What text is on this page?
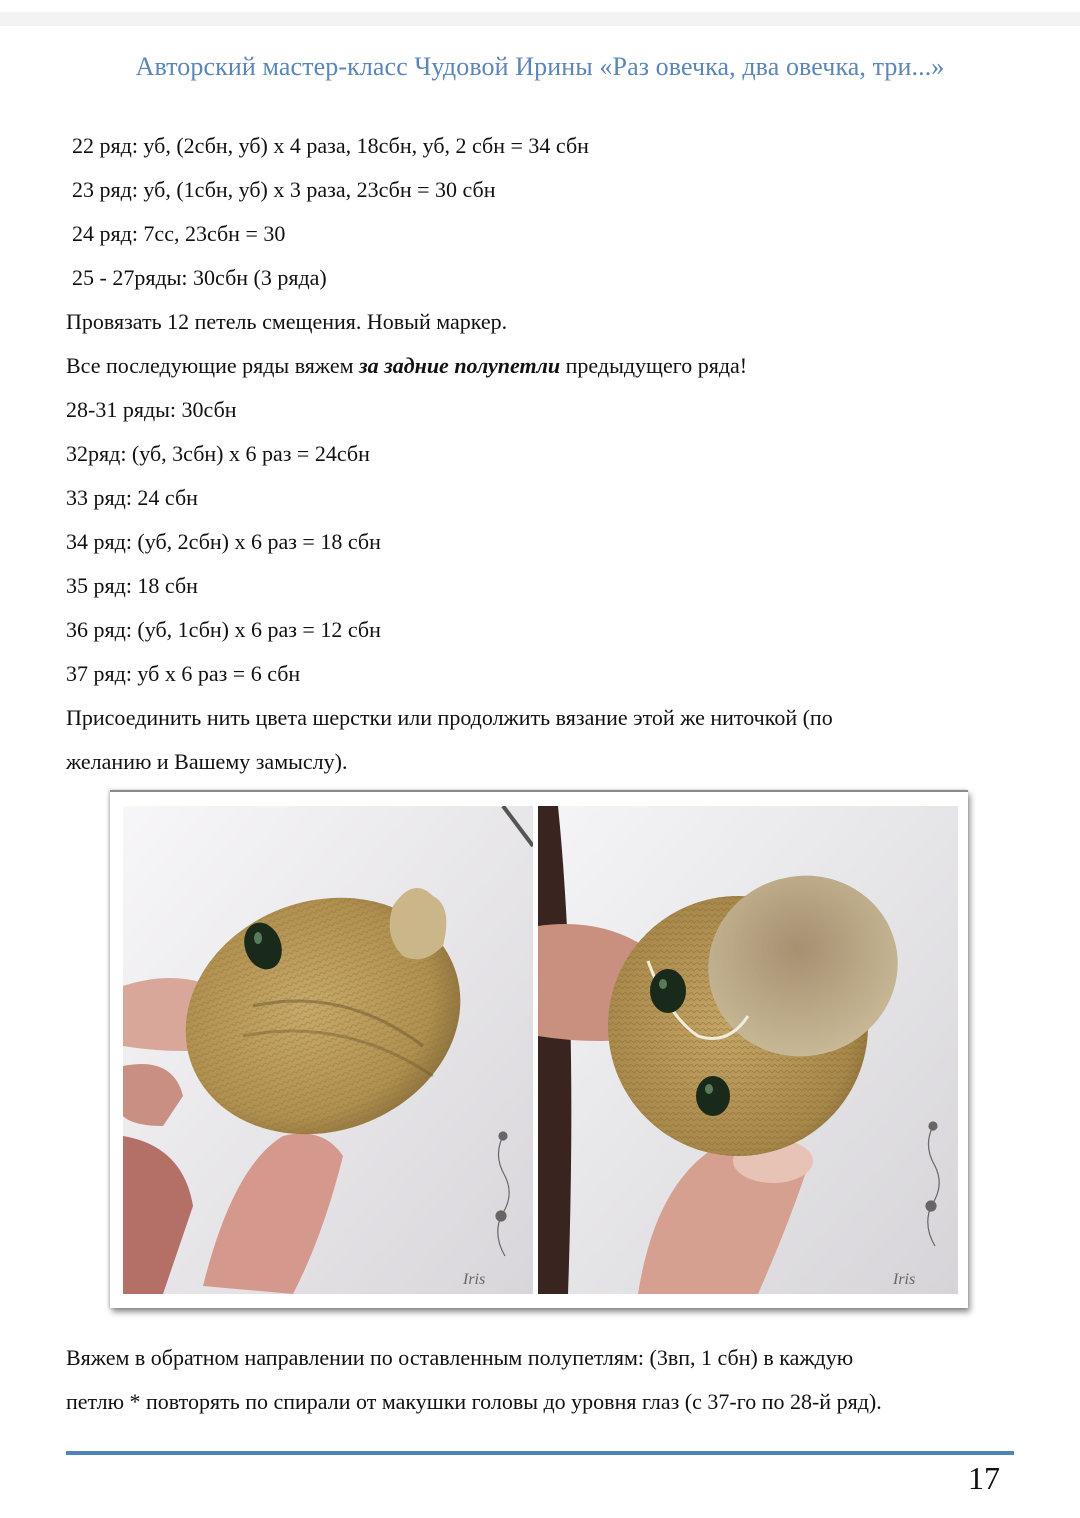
Авторский мастер-класс Чудовой Ирины «Раз овечка, два овечка, три...»
22 ряд: уб, (2сбн, уб) х 4 раза, 18сбн, уб, 2 сбн = 34 сбн
23 ряд: уб, (1сбн, уб) х 3 раза, 23сбн = 30 сбн
24 ряд: 7сс, 23сбн = 30
25 - 27ряды: 30сбн (3 ряда)
Провязать 12 петель смещения. Новый маркер.
Все последующие ряды вяжем за задние полупетли предыдущего ряда!
28-31 ряды: 30сбн
32ряд: (уб, 3сбн) х 6 раз = 24сбн
33 ряд: 24 сбн
34 ряд: (уб, 2сбн) х 6 раз = 18 сбн
35 ряд: 18 сбн
36 ряд: (уб, 1сбн) х 6 раз = 12 сбн
37 ряд: уб х 6 раз = 6 сбн
Присоединить нить цвета шерстки или продолжить вязание этой же ниточкой (по
желанию и Вашему замыслу).
Iris	Iris
Вяжем в обратном направлении по оставленным полупетлям: (3вп, 1 сбн) в каждую
петлю * повторять по спирали от макушки головы до уровня глаз (с 37-го по 28-й ряд).
17
